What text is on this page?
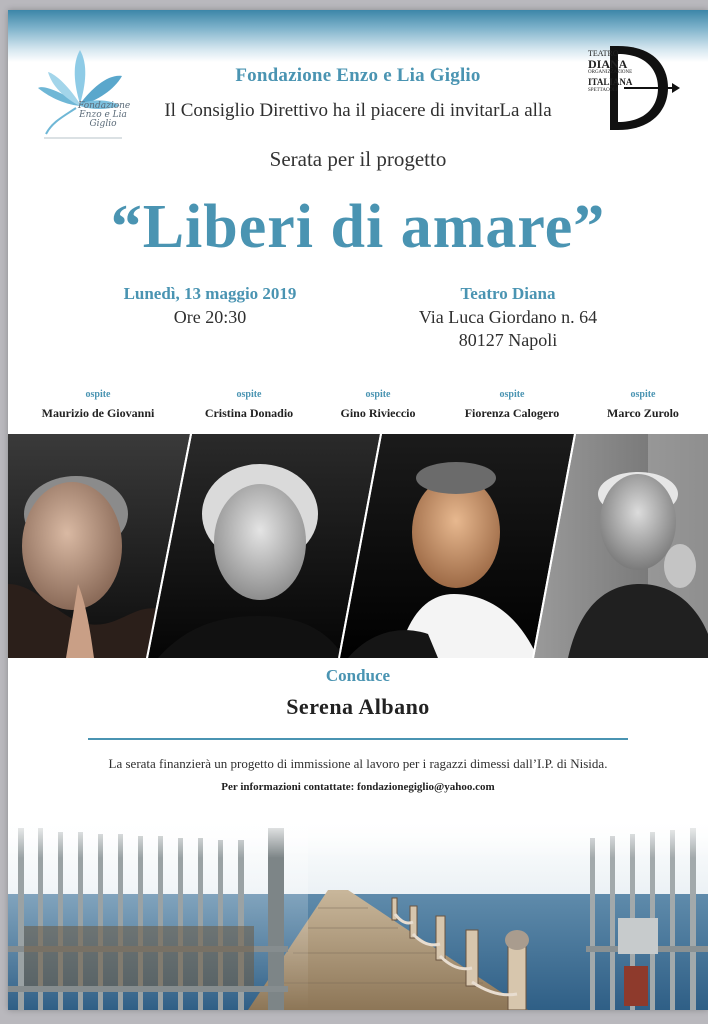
Fondazione
Enzo e Lia
Giglio
Fondazione Enzo e Lia Giglio
Il Consiglio Direttivo ha il piacere di invitarLa alla
TEATRO
DIANA
ORGANIZZAZIONE
ITALIANA
SPETTACOLI
Serata per il progetto
“Liberi di amare”
Lunedì, 13 maggio 2019
Ore 20:30
Teatro Diana
Via Luca Giordano n. 64
80127 Napoli
ospite
Maurizio de Giovanni
ospite
Cristina Donadio
ospite
Gino Rivieccio
ospite
Fiorenza Calogero
ospite
Marco Zurolo
Conduce
Serena Albano
La serata finanzierà un progetto di immissione al lavoro per i ragazzi dimessi dall’I.P. di Nisida.
Per informazioni contattate: fondazionegiglio@yahoo.com
